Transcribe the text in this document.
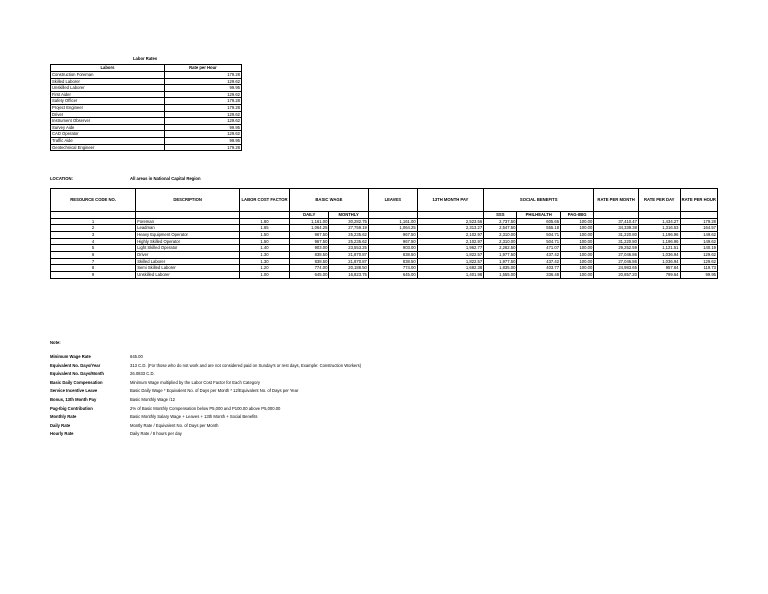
Labor Rates
Labors	Rate per Hour
Construction Foreman	179.28
Skilled Laborer	129.62
Unskilled Laborer	99.95
First Aider	129.62
Safety Officer	179.28
Project Engineer	179.28
Driver	129.62
Instrument Observer	129.62
Survey Aide	99.95
CAD Operator	129.62
Traffic Aide	99.95
Geotechnical Engineer	179.28
LOCATION:	All areas in National Capital Region
RESOURCE CODE NO.	DESCRIPTION	LABOR COST FACTOR	BASIC WAGE		LEAVES	13TH MONTH PAY	SOCIAL BENEFITS			RATE PER MONTH	RATE PER DAY	RATE PER HOUR
			DAILY	MONTHLY			SSS	PHILHEALTH	PAG-IBIG			
1	Foreman	1.80	1,161.00	30,282.75	1,161.00	2,523.56	2,737.50	605.66	100.00	37,410.47	1,434.27	179.28
2	Leadman	1.65	1,064.25	27,759.19	1,064.25	2,313.27	2,547.50	555.18	100.00	34,339.38	1,316.53	164.57
3	Heavy Equipment Operator	1.50	967.50	25,235.62	967.50	2,102.97	2,310.00	504.71	100.00	31,220.80	1,196.96	149.62
4	Highly Skilled Operator	1.50	967.50	25,235.62	967.50	2,102.97	2,310.00	504.71	100.00	31,220.80	1,196.96	149.62
5	Light Skilled Operator	1.40	903.00	23,553.25	903.00	1,962.77	2,262.50	471.07	100.00	29,252.59	1,121.51	140.19
6	Driver	1.30	838.50	21,870.87	838.50	1,822.57	1,977.50	437.42	100.00	27,046.86	1,036.94	129.62
7	Skilled Laborer	1.30	838.50	21,870.87	838.50	1,822.57	1,977.50	437.42	100.00	27,046.86	1,036.94	129.62
8	Semi Skilled Laborer	1.20	774.00	20,188.50	774.00	1,682.38	1,835.00	403.77	100.00	24,983.65	957.84	119.73
9	Unskilled Laborer	1.00	645.00	16,823.75	645.00	1,401.98	1,555.00	336.48	100.00	20,857.20	799.64	99.95
Note:
Minimum Wage Rate	645.00
Equivalent No. Days/Year	313 C.D. (For those who do not work and are not considered paid on Sunday's or rest days, Example: Construction Workers)
Equivalent No. Days/Month	26.0833 C.D.
Basic Daily Compensation	Minimum Wage multiplied by the Labor Cost Factor for Each Category
Service Incentive Leave	Basic Daily Wage * Equivalent No. of Days per Month * 12/Equivalent No. of Days per Year
Bonus, 13th Month Pay	Basic Monthly Wage /12
Pag-Ibig Contribution	2% of Basic Monthly Compensation below P5,000 and P100.00 above P5,000.00
Monthly Rate	Basic Monthly Salary Wage + Leaves + 13th Month + Social Benefits
Daily Rate	Montly Rate / Equivalent No. of Days per Month
Hourly Rate	Daily Rate / 8 hours per day
